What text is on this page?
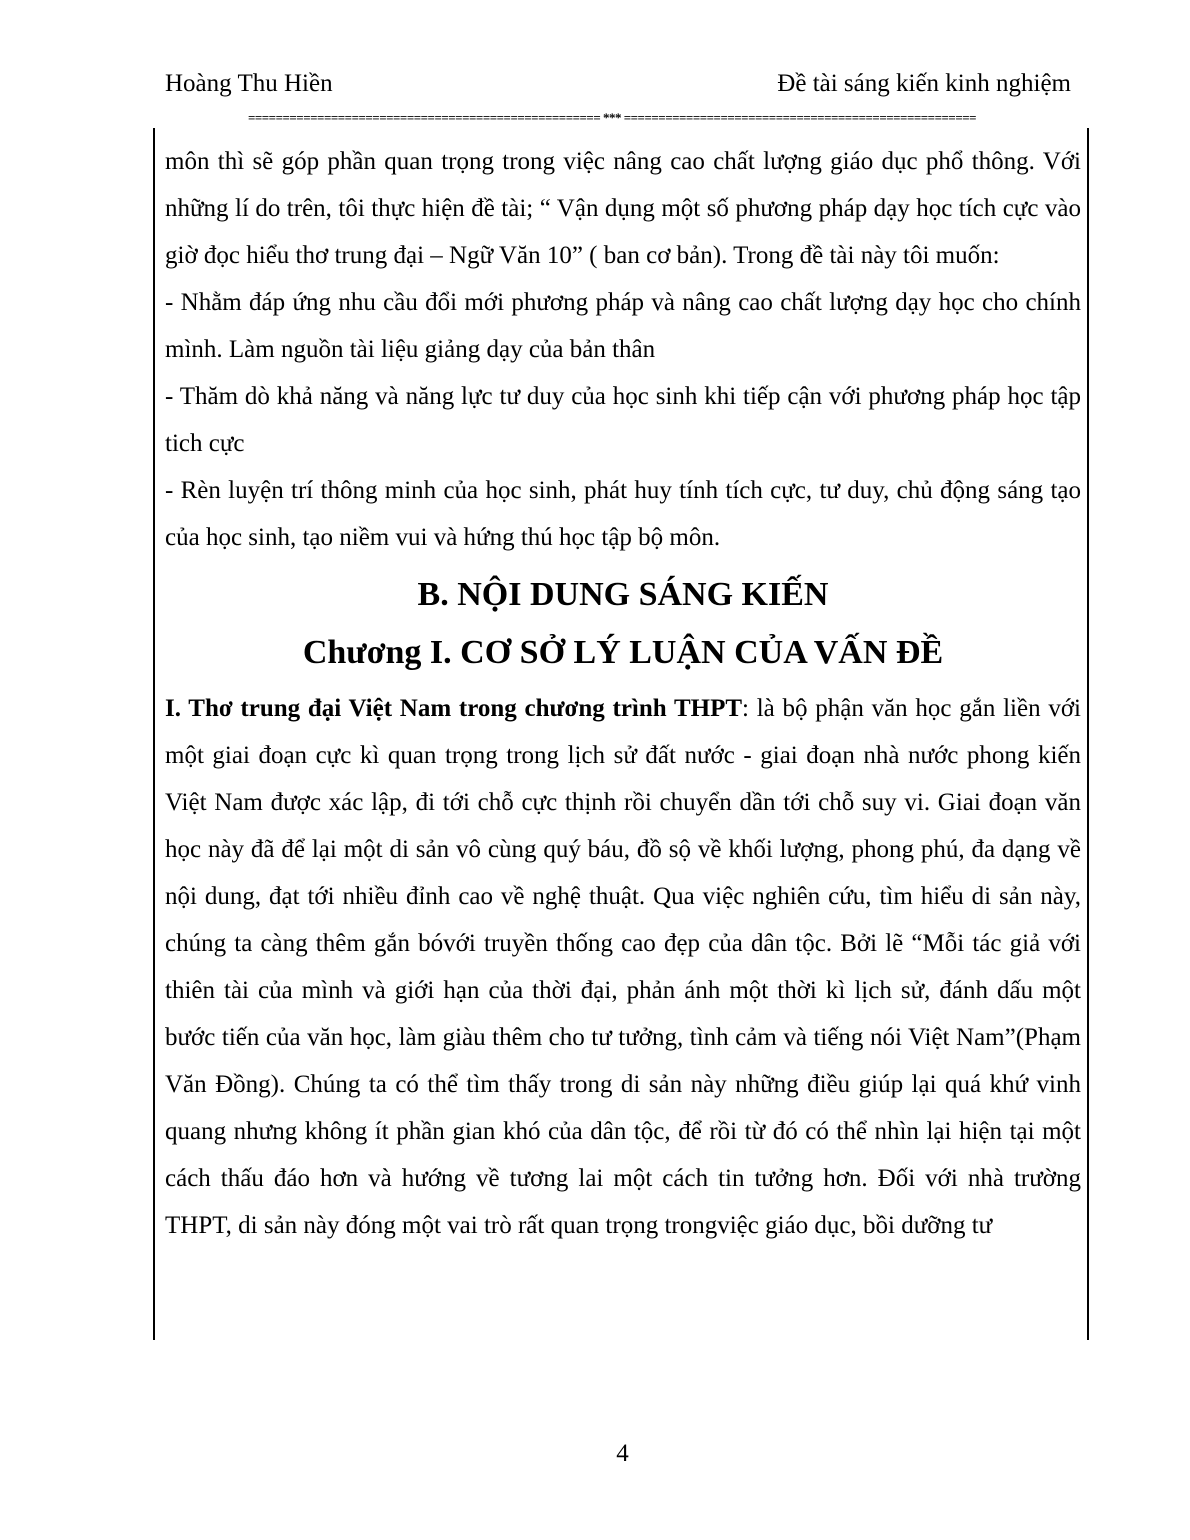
Hoàng Thu Hiền	Đề tài sáng kiến kinh nghiệm
=================================================== *** ===================================================

môn thì sẽ góp phần quan trọng trong việc nâng cao chất lượng giáo dục phổ thông. Với những lí do trên, tôi thực hiện đề tài; “ Vận dụng một số phương pháp dạy học tích cực vào giờ đọc hiểu thơ trung đại – Ngữ Văn 10” ( ban cơ bản). Trong đề tài này tôi muốn:

- Nhằm đáp ứng nhu cầu đổi mới phương pháp và nâng cao chất lượng dạy học cho chính mình. Làm nguồn tài liệu giảng dạy của bản thân

- Thăm dò khả năng và năng lực tư duy của học sinh khi tiếp cận với phương pháp học tập tich cực

- Rèn luyện trí thông minh của học sinh, phát huy tính tích cực, tư duy, chủ động sáng tạo của học sinh, tạo niềm vui và hứng thú học tập bộ môn.

B. NỘI DUNG SÁNG KIẾN
Chương I. CƠ SỞ LÝ LUẬN CỦA VẤN ĐỀ

I. Thơ trung đại Việt Nam trong chương trình THPT: là bộ phận văn học gắn liền với một giai đoạn cực kì quan trọng trong lịch sử đất nước - giai đoạn nhà nước phong kiến Việt Nam được xác lập, đi tới chỗ cực thịnh rồi chuyển dần tới chỗ suy vi. Giai đoạn văn học này đã để lại một di sản vô cùng quý báu, đồ sộ về khối lượng, phong phú, đa dạng về nội dung, đạt tới nhiều đỉnh cao về nghệ thuật. Qua việc nghiên cứu, tìm hiểu di sản này, chúng ta càng thêm gắn bóvới truyền thống cao đẹp của dân tộc. Bởi lẽ “Mỗi tác giả với thiên tài của mình và giới hạn của thời đại, phản ánh một thời kì lịch sử, đánh dấu một bước tiến của văn học, làm giàu thêm cho tư tưởng, tình cảm và tiếng nói Việt Nam”(Phạm Văn Đồng). Chúng ta có thể tìm thấy trong di sản này những điều giúp lại quá khứ vinh quang nhưng không ít phần gian khó của dân tộc, để rồi từ đó có thể nhìn lại hiện tại một cách thấu đáo hơn và hướng về tương lai một cách tin tưởng hơn. Đối với nhà trường THPT, di sản này đóng một vai trò rất quan trọng trongviệc giáo dục, bồi dưỡng tư

4
